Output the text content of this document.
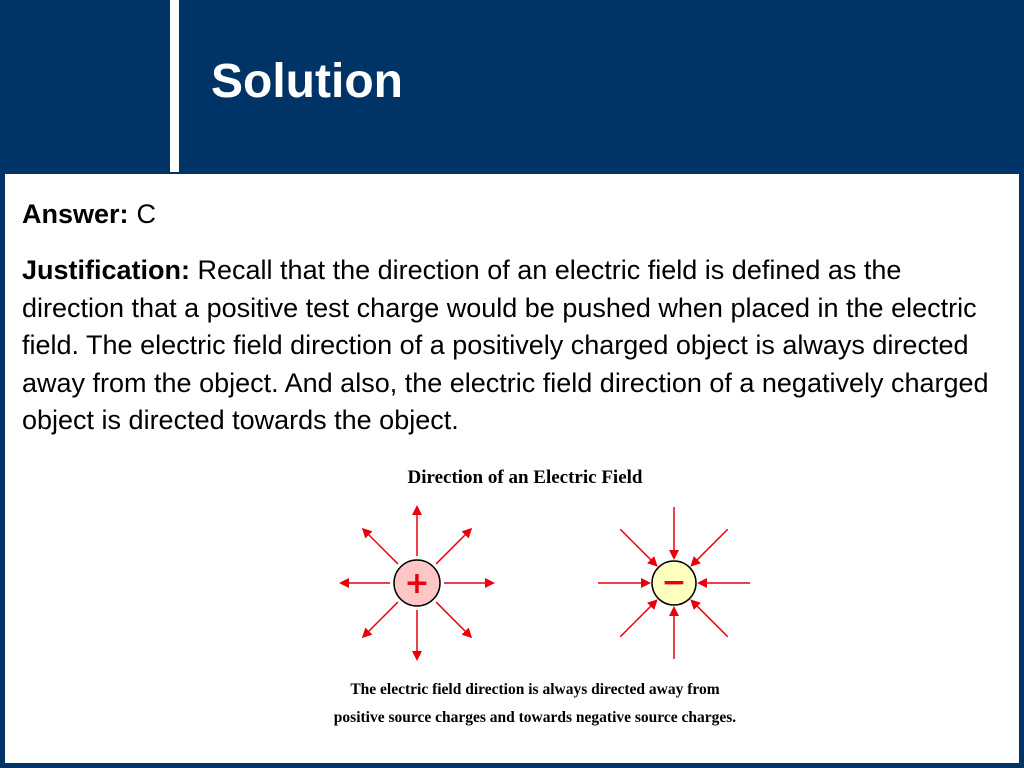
Solution
Answer: C
Justification: Recall that the direction of an electric field is defined as the direction that a positive test charge would be pushed when placed in the electric field. The electric field direction of a positively charged object is always directed away from the object. And also, the electric field direction of a negatively charged object is directed towards the object.
Direction of an Electric Field
+	−
The electric field direction is always directed away from
positive source charges and towards negative source charges.
